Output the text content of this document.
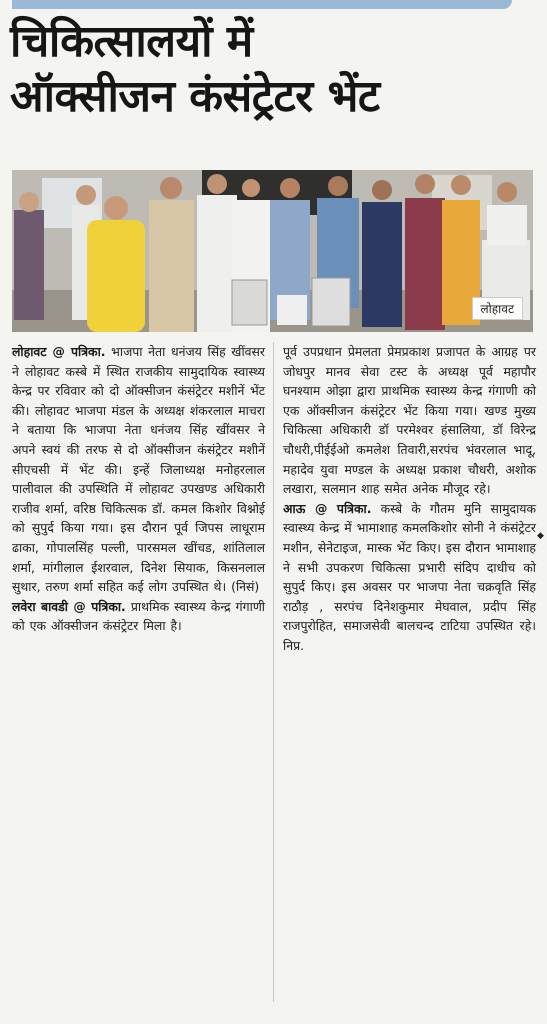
चिकित्सालयों में
ऑक्सीजन कंसंट्रेटर भेंट
लोहावट

लोहावट @ पत्रिका. भाजपा नेता धनंजय सिंह खींवसर ने लोहावट कस्बे में स्थित राजकीय सामुदायिक स्वास्थ्य केन्द्र पर रविवार को दो ऑक्सीजन कंसंट्रेटर मशीनें भेंट की। लोहावट भाजपा मंडल के अध्यक्ष शंकरलाल माचरा ने बताया कि भाजपा नेता धनंजय सिंह खींवसर ने अपने स्वयं की तरफ से दो ऑक्सीजन कंसंट्रेटर मशीनें सीएचसी में भेंट की। इन्हें जिलाध्यक्ष मनोहरलाल पालीवाल की उपस्थिति में लोहावट उपखण्ड अधिकारी राजीव शर्मा, वरिष्ठ चिकित्सक डॉ. कमल किशोर विश्नोई को सुपुर्द किया गया। इस दौरान पूर्व जिपस लाधूराम ढाका, गोपालसिंह पल्ली, पारसमल खींचड, शांतिलाल शर्मा, मांगीलाल ईशरवाल, दिनेश सियाक, किसनलाल सुथार, तरुण शर्मा सहित कई लोग उपस्थित थे। (निसं)

लवेरा बावडी @ पत्रिका. प्राथमिक स्वास्थ्य केन्द्र गंगाणी को एक ऑक्सीजन कंसंट्रेटर मिला है।

पूर्व उपप्रधान प्रेमलता प्रेमप्रकाश प्रजापत के आग्रह पर जोधपुर मानव सेवा टस्ट के अध्यक्ष पूर्व महापौर घनश्याम ओझा द्वारा प्राथमिक स्वास्थ्य केन्द्र गंगाणी को एक ऑक्सीजन कंसंट्रेटर भेंट किया गया। खण्ड मुख्य चिकित्सा अधिकारी डॉ परमेश्वर हंसालिया, डॉ विरेन्द्र चौधरी,पीईईओ कमलेश तिवारी,सरपंच भंवरलाल भादू, महादेव युवा मण्डल के अध्यक्ष प्रकाश चौधरी, अशोक लखारा, सलमान शाह समेत अनेक मौजूद रहे।

आऊ @ पत्रिका. कस्बे के गौतम मुनि सामुदायक स्वास्थ्य केन्द्र में भामाशाह कमलकिशोर सोनी ने कंसंट्रेटर मशीन, सेनेटाइज, मास्क भेंट किए। इस दौरान भामाशाह ने सभी उपकरण चिकित्सा प्रभारी संदिप दाधीच को सुपुर्द किए। इस अवसर पर भाजपा नेता चक्रवृति सिंह राठौड़ , सरपंच दिनेशकुमार मेघवाल, प्रदीप सिंह राजपुरोहित, समाजसेवी बालचन्द टाटिया उपस्थित रहे। निप्र.

◆
